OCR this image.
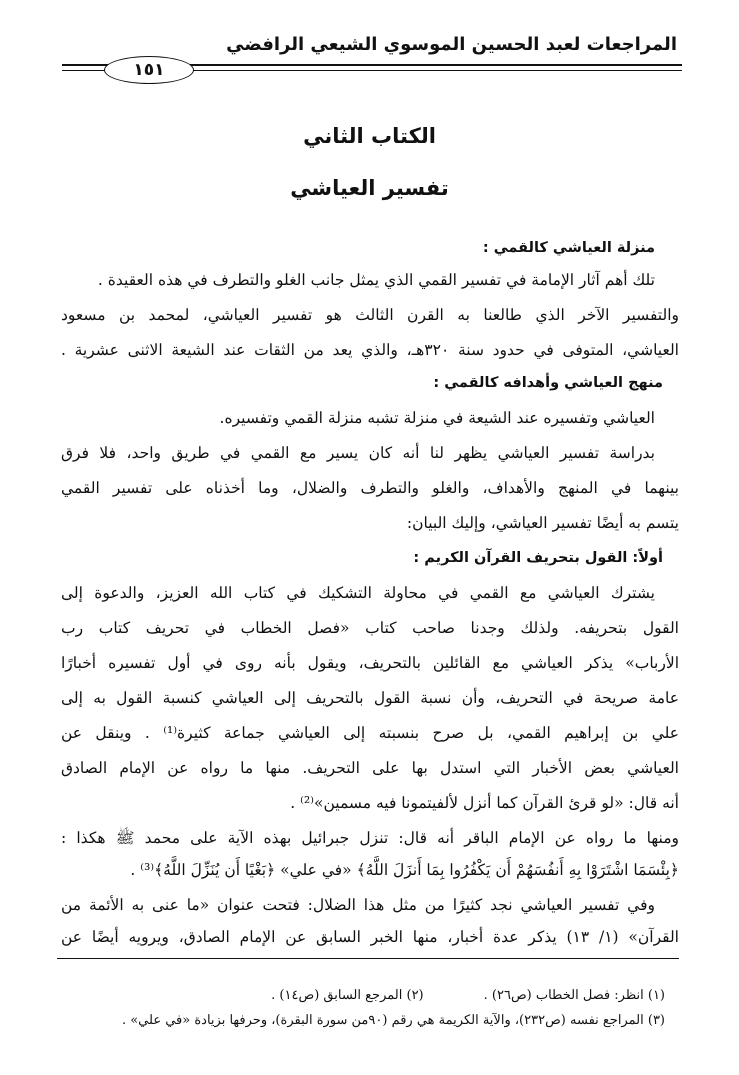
المراجعات لعبد الحسين الموسوي الشيعي الرافضي
١٥١
الكتاب الثاني
تفسير العياشي
منزلة العياشي كالقمي :
تلك أهم آثار الإمامة في تفسير القمي الذي يمثل جانب الغلو والتطرف في هذه العقيدة .
والتفسير الآخر الذي طالعنا به القرن الثالث هو تفسير العياشي، لمحمد بن مسعود
العياشي، المتوفى في حدود سنة ٣٢٠هـ، والذي يعد من الثقات عند الشيعة الاثنى عشرية .
منهج العياشي وأهدافه كالقمي :
العياشي وتفسيره عند الشيعة في منزلة تشبه منزلة القمي وتفسيره.
بدراسة تفسير العياشي يظهر لنا أنه كان يسير مع القمي في طريق واحد، فلا فرق
بينهما في المنهج والأهداف، والغلو والتطرف والضلال، وما أخذناه على تفسير القمي
يتسم به أيضًا تفسير العياشي، وإليك البيان:
أولاً: القول بتحريف القرآن الكريم :
يشترك العياشي مع القمي في محاولة التشكيك في كتاب الله العزيز، والدعوة إلى
القول بتحريفه. ولذلك وجدنا صاحب كتاب «فصل الخطاب في تحريف كتاب رب
الأرباب» يذكر العياشي مع القائلين بالتحريف، ويقول بأنه روى في أول تفسيره أخبارًا
عامة صريحة في التحريف، وأن نسبة القول بالتحريف إلى العياشي كنسبة القول به إلى
علي بن إبراهيم القمي، بل صرح بنسبته إلى العياشي جماعة كثيرة⁽¹⁾ . وينقل عن
العياشي بعض الأخبار التي استدل بها على التحريف. منها ما رواه عن الإمام الصادق
أنه قال: «لو قرئ القرآن كما أنزل لألفيتمونا فيه مسمين»⁽²⁾ .
ومنها ما رواه عن الإمام الباقر أنه قال: تنزل جبرائيل بهذه الآية على محمد ﷺ هكذا :
﴿بِئْسَمَا اشْتَرَوْا بِهِ أَنفُسَهُمْ أَن يَكْفُرُوا بِمَا أَنزَلَ اللَّهُ﴾ «في علي» ﴿بَغْيًا أَن يُنَزِّلَ اللَّهُ﴾⁽³⁾ .
وفي تفسير العياشي نجد كثيرًا من مثل هذا الضلال: فتحت عنوان «ما عنى به الأئمة من
القرآن» (١/ ١٣) يذكر عدة أخبار، منها الخبر السابق عن الإمام الصادق، ويرويه أيضًا عن
(١) انظر: فصل الخطاب (ص٢٦) .(٢) المرجع السابق (ص١٤) .
(٣) المراجع نفسه (ص٢٣٢)، والآية الكريمة هي رقم (٩٠من سورة البقرة)، وحرفها بزيادة «في علي» .
